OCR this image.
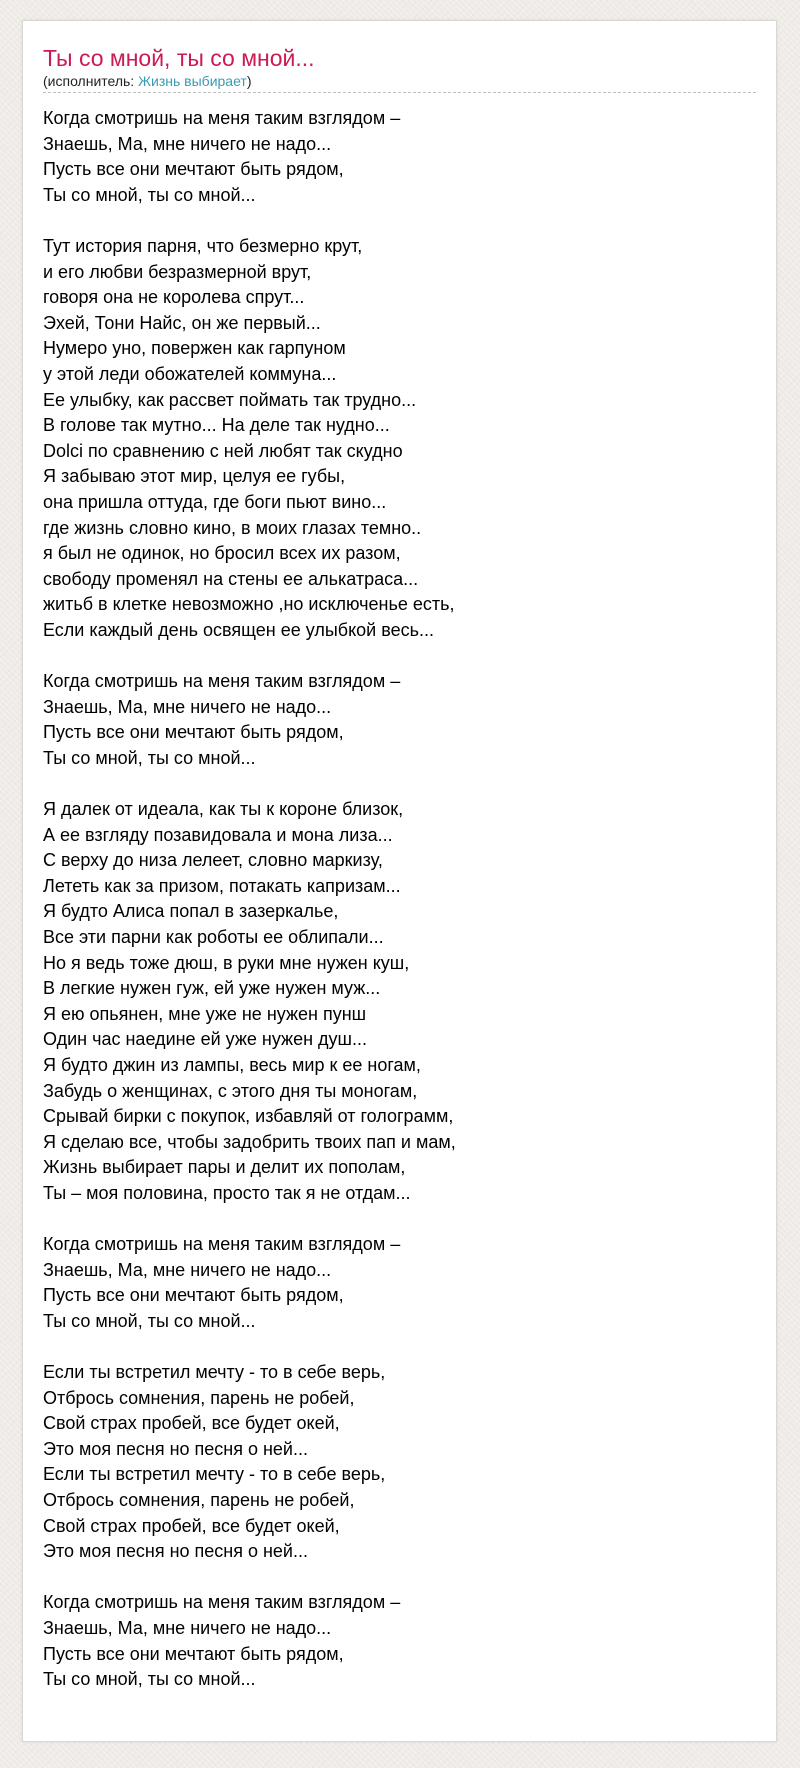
Ты со мной, ты со мной...
(исполнитель: Жизнь выбирает)
Когда смотришь на меня таким взглядом –
Знаешь, Ма, мне ничего не надо...
Пусть все они мечтают быть рядом,
Ты со мной, ты со мной...
Тут история парня, что безмерно крут,
и его любви безразмерной врут,
говоря она не королева спрут...
Эхей, Тони Найс, он же первый...
Нумеро уно, повержен как гарпуном
у этой леди обожателей коммуна...
Ее улыбку, как рассвет поймать так трудно...
В голове так мутно... На деле так нудно...
Dolci по сравнению с ней любят так скудно
Я забываю этот мир, целуя ее губы,
она пришла оттуда, где боги пьют вино...
где жизнь словно кино, в моих глазах темно..
я был не одинок, но бросил всех их разом,
свободу променял на стены ее алькатраса...
житьб в клетке невозможно ,но исключенье есть,
Если каждый день освящен ее улыбкой весь...
Когда смотришь на меня таким взглядом –
Знаешь, Ма, мне ничего не надо...
Пусть все они мечтают быть рядом,
Ты со мной, ты со мной...
Я далек от идеала, как ты к короне близок,
А ее взгляду позавидовала и мона лиза...
С верху до низа лелеет, словно маркизу,
Лететь как за призом, потакать капризам...
Я будто Алиса попал в зазеркалье,
Все эти парни как роботы ее облипали...
Но я ведь тоже дюш, в руки мне нужен куш,
В легкие нужен гуж, ей уже нужен муж...
Я ею опьянен, мне уже не нужен пунш
Один час наедине ей уже нужен душ...
Я будто джин из лампы, весь мир к ее ногам,
Забудь о женщинах, с этого дня ты моногам,
Срывай бирки с покупок, избавляй от голограмм,
Я сделаю все, чтобы задобрить твоих пап и мам,
Жизнь выбирает пары и делит их пополам,
Ты – моя половина, просто так я не отдам...
Когда смотришь на меня таким взглядом –
Знаешь, Ма, мне ничего не надо...
Пусть все они мечтают быть рядом,
Ты со мной, ты со мной...
Если ты встретил мечту - то в себе верь,
Отбрось сомнения, парень не робей,
Свой страх пробей, все будет окей,
Это моя песня но песня о ней...
Если ты встретил мечту - то в себе верь,
Отбрось сомнения, парень не робей,
Свой страх пробей, все будет окей,
Это моя песня но песня о ней...
Когда смотришь на меня таким взглядом –
Знаешь, Ма, мне ничего не надо...
Пусть все они мечтают быть рядом,
Ты со мной, ты со мной...
